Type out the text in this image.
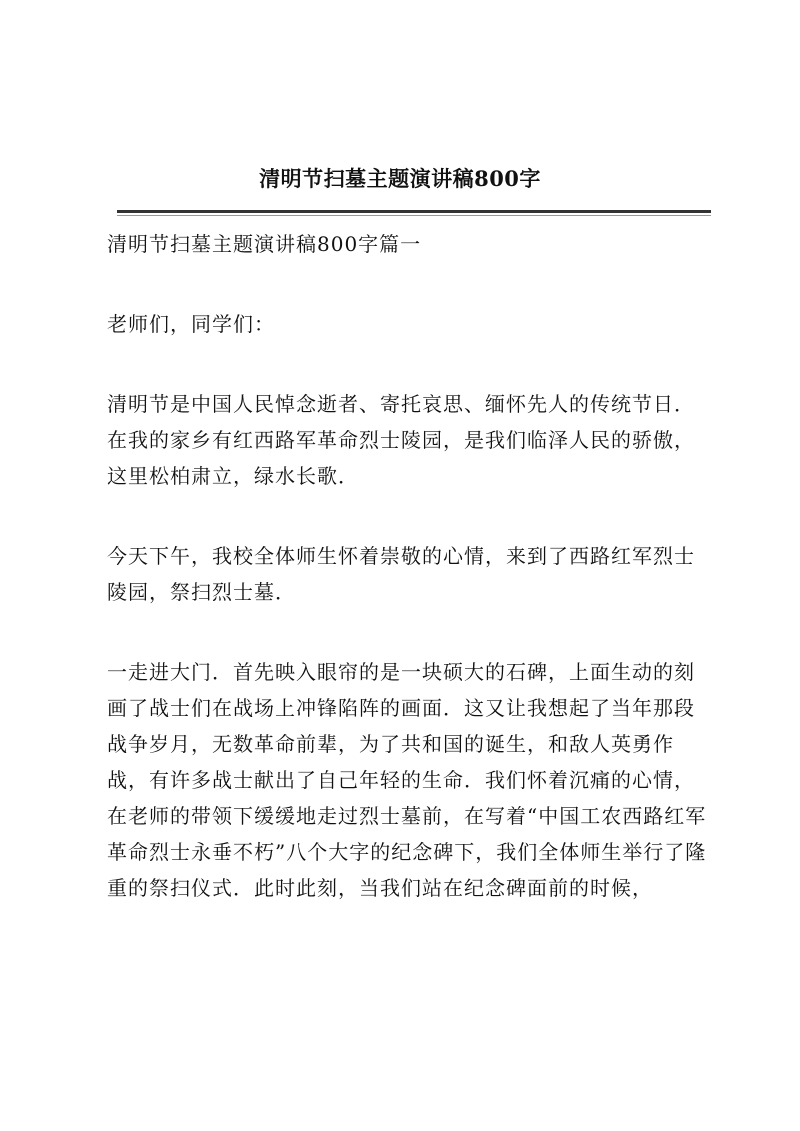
清明节扫墓主题演讲稿800字

清明节扫墓主题演讲稿800字篇一

老师们，同学们：

清明节是中国人民悼念逝者、寄托哀思、缅怀先人的传统节日．在我的家乡有红西路军革命烈士陵园，是我们临泽人民的骄傲，这里松柏肃立，绿水长歌．

今天下午，我校全体师生怀着崇敬的心情，来到了西路红军烈士陵园，祭扫烈士墓．

一走进大门．首先映入眼帘的是一块硕大的石碑，上面生动的刻画了战士们在战场上冲锋陷阵的画面．这又让我想起了当年那段战争岁月，无数革命前辈，为了共和国的诞生，和敌人英勇作战，有许多战士献出了自己年轻的生命．我们怀着沉痛的心情，在老师的带领下缓缓地走过烈士墓前，在写着“中国工农西路红军革命烈士永垂不朽”八个大字的纪念碑下，我们全体师生举行了隆重的祭扫仪式．此时此刻，当我们站在纪念碑面前的时候，
